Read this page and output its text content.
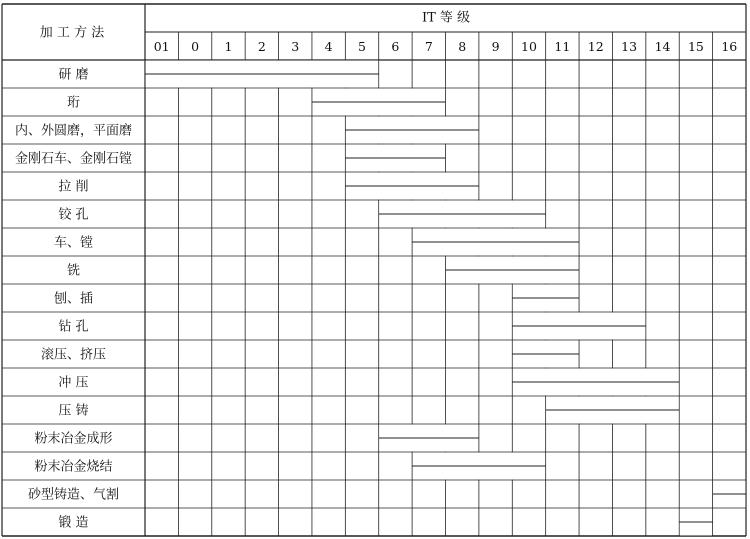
加 工 方 法
IT 等 级
01 0 1 2 3 4 5 6 7 8 9 10 11 12 13 14 15 16
研 磨
珩
内、外圆磨，平面磨
金刚石车、金刚石镗
拉 削
铰 孔
车、镗
铣
刨、插
钻 孔
滚压、挤压
冲 压
压 铸
粉末冶金成形
粉末冶金烧结
砂型铸造、气割
锻 造
